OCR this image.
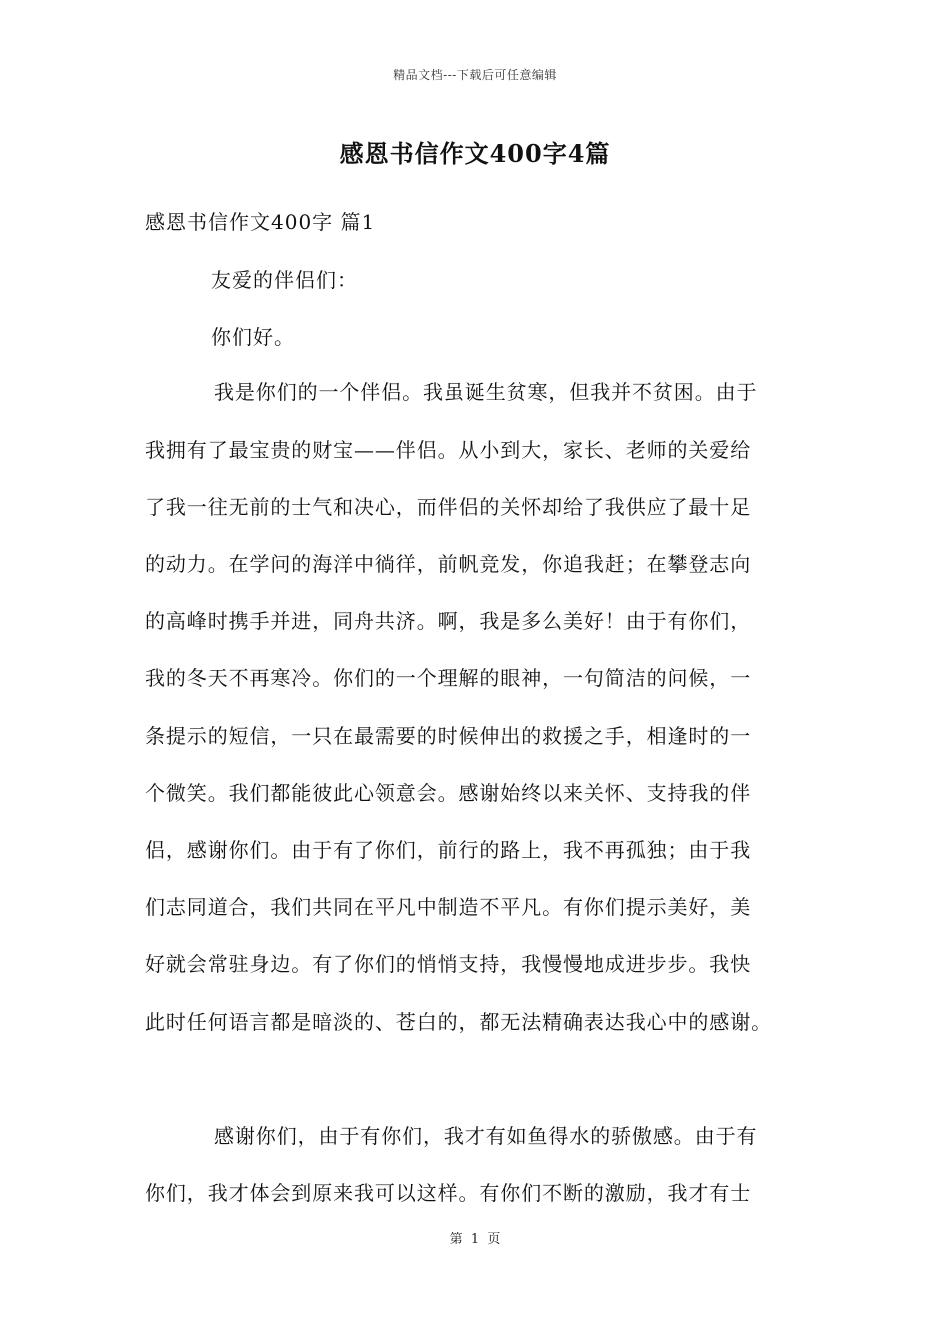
精品文档---下载后可任意编辑
感恩书信作文400字4篇
感恩书信作文400字 篇1
友爱的伴侣们：
你们好。
我是你们的一个伴侣。我虽诞生贫寒，但我并不贫困。由于
我拥有了最宝贵的财宝——伴侣。从小到大，家长、老师的关爱给
了我一往无前的士气和决心，而伴侣的关怀却给了我供应了最十足
的动力。在学问的海洋中徜徉，前帆竞发，你追我赶；在攀登志向
的高峰时携手并进，同舟共济。啊，我是多么美好！由于有你们，
我的冬天不再寒冷。你们的一个理解的眼神，一句简洁的问候，一
条提示的短信，一只在最需要的时候伸出的救援之手，相逢时的一
个微笑。我们都能彼此心领意会。感谢始终以来关怀、支持我的伴
侣，感谢你们。由于有了你们，前行的路上，我不再孤独；由于我
们志同道合，我们共同在平凡中制造不平凡。有你们提示美好，美
好就会常驻身边。有了你们的悄悄支持，我慢慢地成进步步。我快
此时任何语言都是暗淡的、苍白的，都无法精确表达我心中的感谢。
感谢你们，由于有你们，我才有如鱼得水的骄傲感。由于有
你们，我才体会到原来我可以这样。有你们不断的激励，我才有士
第 1 页
